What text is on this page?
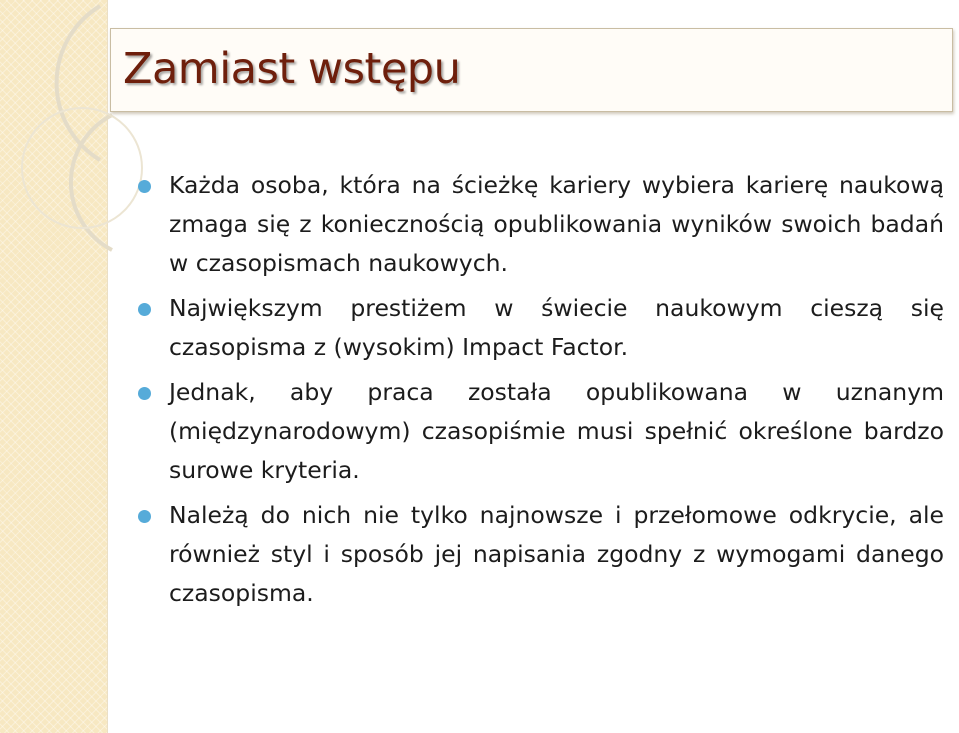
Zamiast wstępu
Każda osoba, która na ścieżkę kariery wybiera karierę naukową zmaga się z koniecznością opublikowania wyników swoich badań w czasopismach naukowych.
Największym prestiżem w świecie naukowym cieszą się czasopisma z (wysokim) Impact Factor.
Jednak, aby praca została opublikowana w uznanym (międzynarodowym) czasopiśmie musi spełnić określone bardzo surowe kryteria.
Należą do nich nie tylko najnowsze i przełomowe odkrycie, ale również styl i sposób jej napisania zgodny z wymogami danego czasopisma.
